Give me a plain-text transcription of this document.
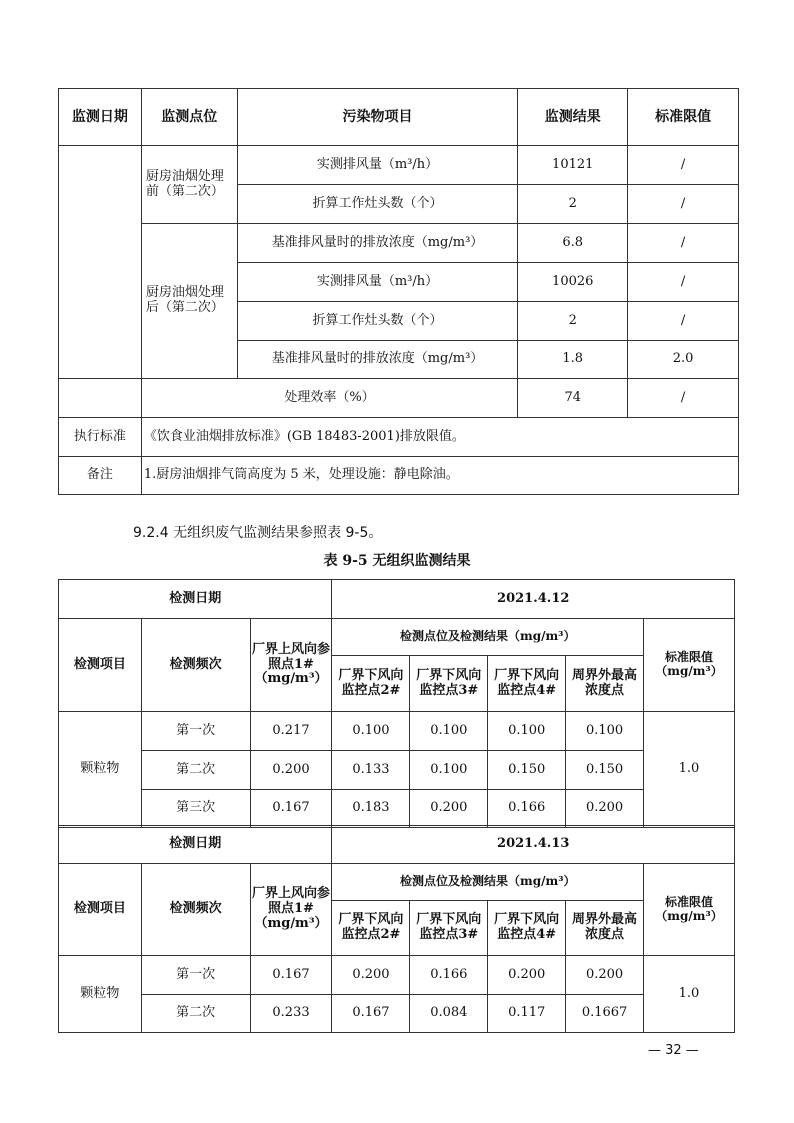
监测日期	监测点位	污染物项目	监测结果	标准限值
	厨房油烟处理前（第二次）	实测排风量（m³/h）	10121	/
		折算工作灶头数（个）	2	/
	厨房油烟处理后（第二次）	基准排风量时的排放浓度（mg/m³）	6.8	/
		实测排风量（m³/h）	10026	/
		折算工作灶头数（个）	2	/
		基准排风量时的排放浓度（mg/m³）	1.8	2.0
	处理效率（%）		74	/
执行标准	《饮食业油烟排放标准》(GB 18483-2001)排放限值。			
备注	1.厨房油烟排气筒高度为 5 米，处理设施：静电除油。			
9.2.4 无组织废气监测结果参照表 9-5。
表 9-5 无组织监测结果
检测日期			2021.4.12				
检测项目	检测频次	厂界上风向参照点1#（mg/m³）	检测点位及检测结果（mg/m³）				标准限值（mg/m³）
			厂界下风向监控点2#	厂界下风向监控点3#	厂界下风向监控点4#	周界外最高浓度点	
颗粒物	第一次	0.217	0.100	0.100	0.100	0.100	1.0
	第二次	0.200	0.133	0.100	0.150	0.150	
	第三次	0.167	0.183	0.200	0.166	0.200	
检测日期			2021.4.13				
检测项目	检测频次	厂界上风向参照点1#（mg/m³）	检测点位及检测结果（mg/m³）				标准限值（mg/m³）
			厂界下风向监控点2#	厂界下风向监控点3#	厂界下风向监控点4#	周界外最高浓度点	
颗粒物	第一次	0.167	0.200	0.166	0.200	0.200	1.0
	第二次	0.233	0.167	0.084	0.117	0.1667	
— 32 —
